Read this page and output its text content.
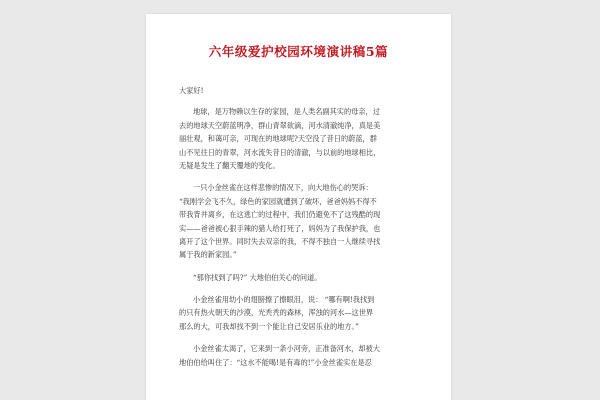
六年级爱护校园环境演讲稿5篇
大家好!
地球，是万物赖以生存的家园，是人类名副其实的母亲，过
去的地球天空蔚蓝明净，群山青翠欲滴，河水清澈纯净，真是美
丽壮观，和蔼可亲，可现在的地球呢?天空没了昔日的蔚蓝，群
山不见往日的青翠，河水流失昔日的清澈，与以前的地球相比，
无疑是发生了翻天覆地的变化。
一只小金丝雀在这样悲惨的情况下，向大地伤心的哭诉：
“我刚学会飞不久，绿色的家园就遭到了破坏，爸爸妈妈不得不
带我背井离乡，在这逃亡的过程中，我们仍避免不了这残酷的现
实——爸爸被心狠手辣的猎人给打死了，妈妈为了我保护我，也
离开了这个世界。同时失去双亲的我，不得不独自一人继续寻找
属于我的新家园。”
“那你找到了吗?” 大地伯伯关心的问道。
小金丝雀用幼小的翅膀擦了擦眼泪，说： “哪有啊!我找到
的只有热火朝天的沙漠，光秃秃的森林，浑浊的河水—这世界
那么的大，可我却找不到一个能让自己安居乐业的地方。”
小金丝雀太渴了，它来到一条小河旁，正准备河水，却被大
地伯伯给叫住了：“这水不能喝!是有毒的!”小金丝雀实在是忍
